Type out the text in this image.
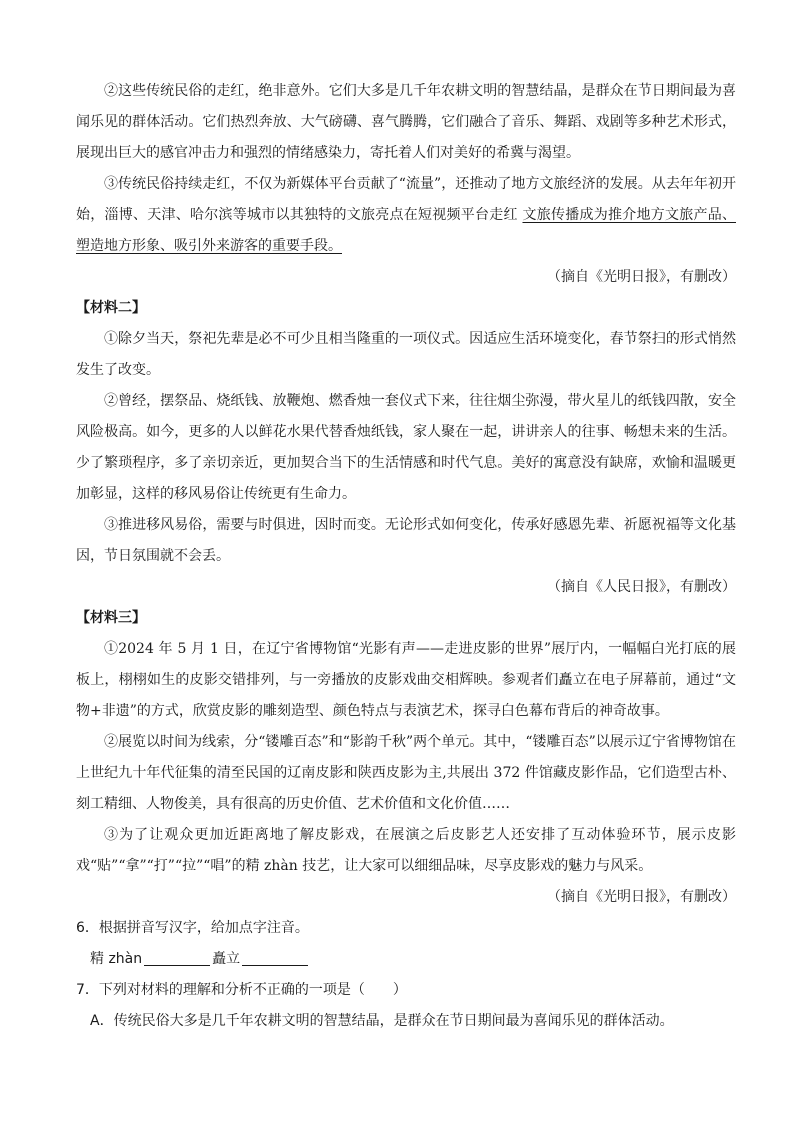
②这些传统民俗的走红，绝非意外。它们大多是几千年农耕文明的智慧结晶，是群众在节日期间最为喜闻乐见的群体活动。它们热烈奔放、大气磅礴、喜气腾腾，它们融合了音乐、舞蹈、戏剧等多种艺术形式，展现出巨大的感官冲击力和强烈的情绪感染力，寄托着人们对美好的希冀与渴望。

③传统民俗持续走红，不仅为新媒体平台贡献了“流量”，还推动了地方文旅经济的发展。从去年年初开始，淄博、天津、哈尔滨等城市以其独特的文旅亮点在短视频平台走红 文旅传播成为推介地方文旅产品、塑造地方形象、吸引外来游客的重要手段。

（摘自《光明日报》，有删改）

【材料二】

①除夕当天，祭祀先辈是必不可少且相当隆重的一项仪式。因适应生活环境变化，春节祭扫的形式悄然发生了改变。

②曾经，摆祭品、烧纸钱、放鞭炮、燃香烛一套仪式下来，往往烟尘弥漫，带火星儿的纸钱四散，安全风险极高。如今，更多的人以鲜花水果代替香烛纸钱，家人聚在一起，讲讲亲人的往事、畅想未来的生活。少了繁琐程序，多了亲切亲近，更加契合当下的生活情感和时代气息。美好的寓意没有缺席，欢愉和温暖更加彰显，这样的移风易俗让传统更有生命力。

③推进移风易俗，需要与时俱进，因时而变。无论形式如何变化，传承好感恩先辈、祈愿祝福等文化基因，节日氛围就不会丢。

（摘自《人民日报》，有删改）

【材料三】

①2024 年 5 月 1 日，在辽宁省博物馆“光影有声——走进皮影的世界”展厅内，一幅幅白光打底的展板上，栩栩如生的皮影交错排列，与一旁播放的皮影戏曲交相辉映。参观者们矗立在电子屏幕前，通过“文物+非遗”的方式，欣赏皮影的雕刻造型、颜色特点与表演艺术，探寻白色幕布背后的神奇故事。

②展览以时间为线索，分“镂雕百态”和“影韵千秋”两个单元。其中，“镂雕百态”以展示辽宁省博物馆在上世纪九十年代征集的清至民国的辽南皮影和陕西皮影为主,共展出 372 件馆藏皮影作品，它们造型古朴、刻工精细、人物俊美，具有很高的历史价值、艺术价值和文化价值……

③为了让观众更加近距离地了解皮影戏，在展演之后皮影艺人还安排了互动体验环节，展示皮影戏“贴”“拿”“打”“拉”“唱”的精 zhàn 技艺，让大家可以细细品味，尽享皮影戏的魅力与风采。

（摘自《光明日报》，有删改）

6．根据拼音写汉字，给加点字注音。

精 zhàn	矗立

7．下列对材料的理解和分析不正确的一项是（　　）

A．传统民俗大多是几千年农耕文明的智慧结晶，是群众在节日期间最为喜闻乐见的群体活动。
